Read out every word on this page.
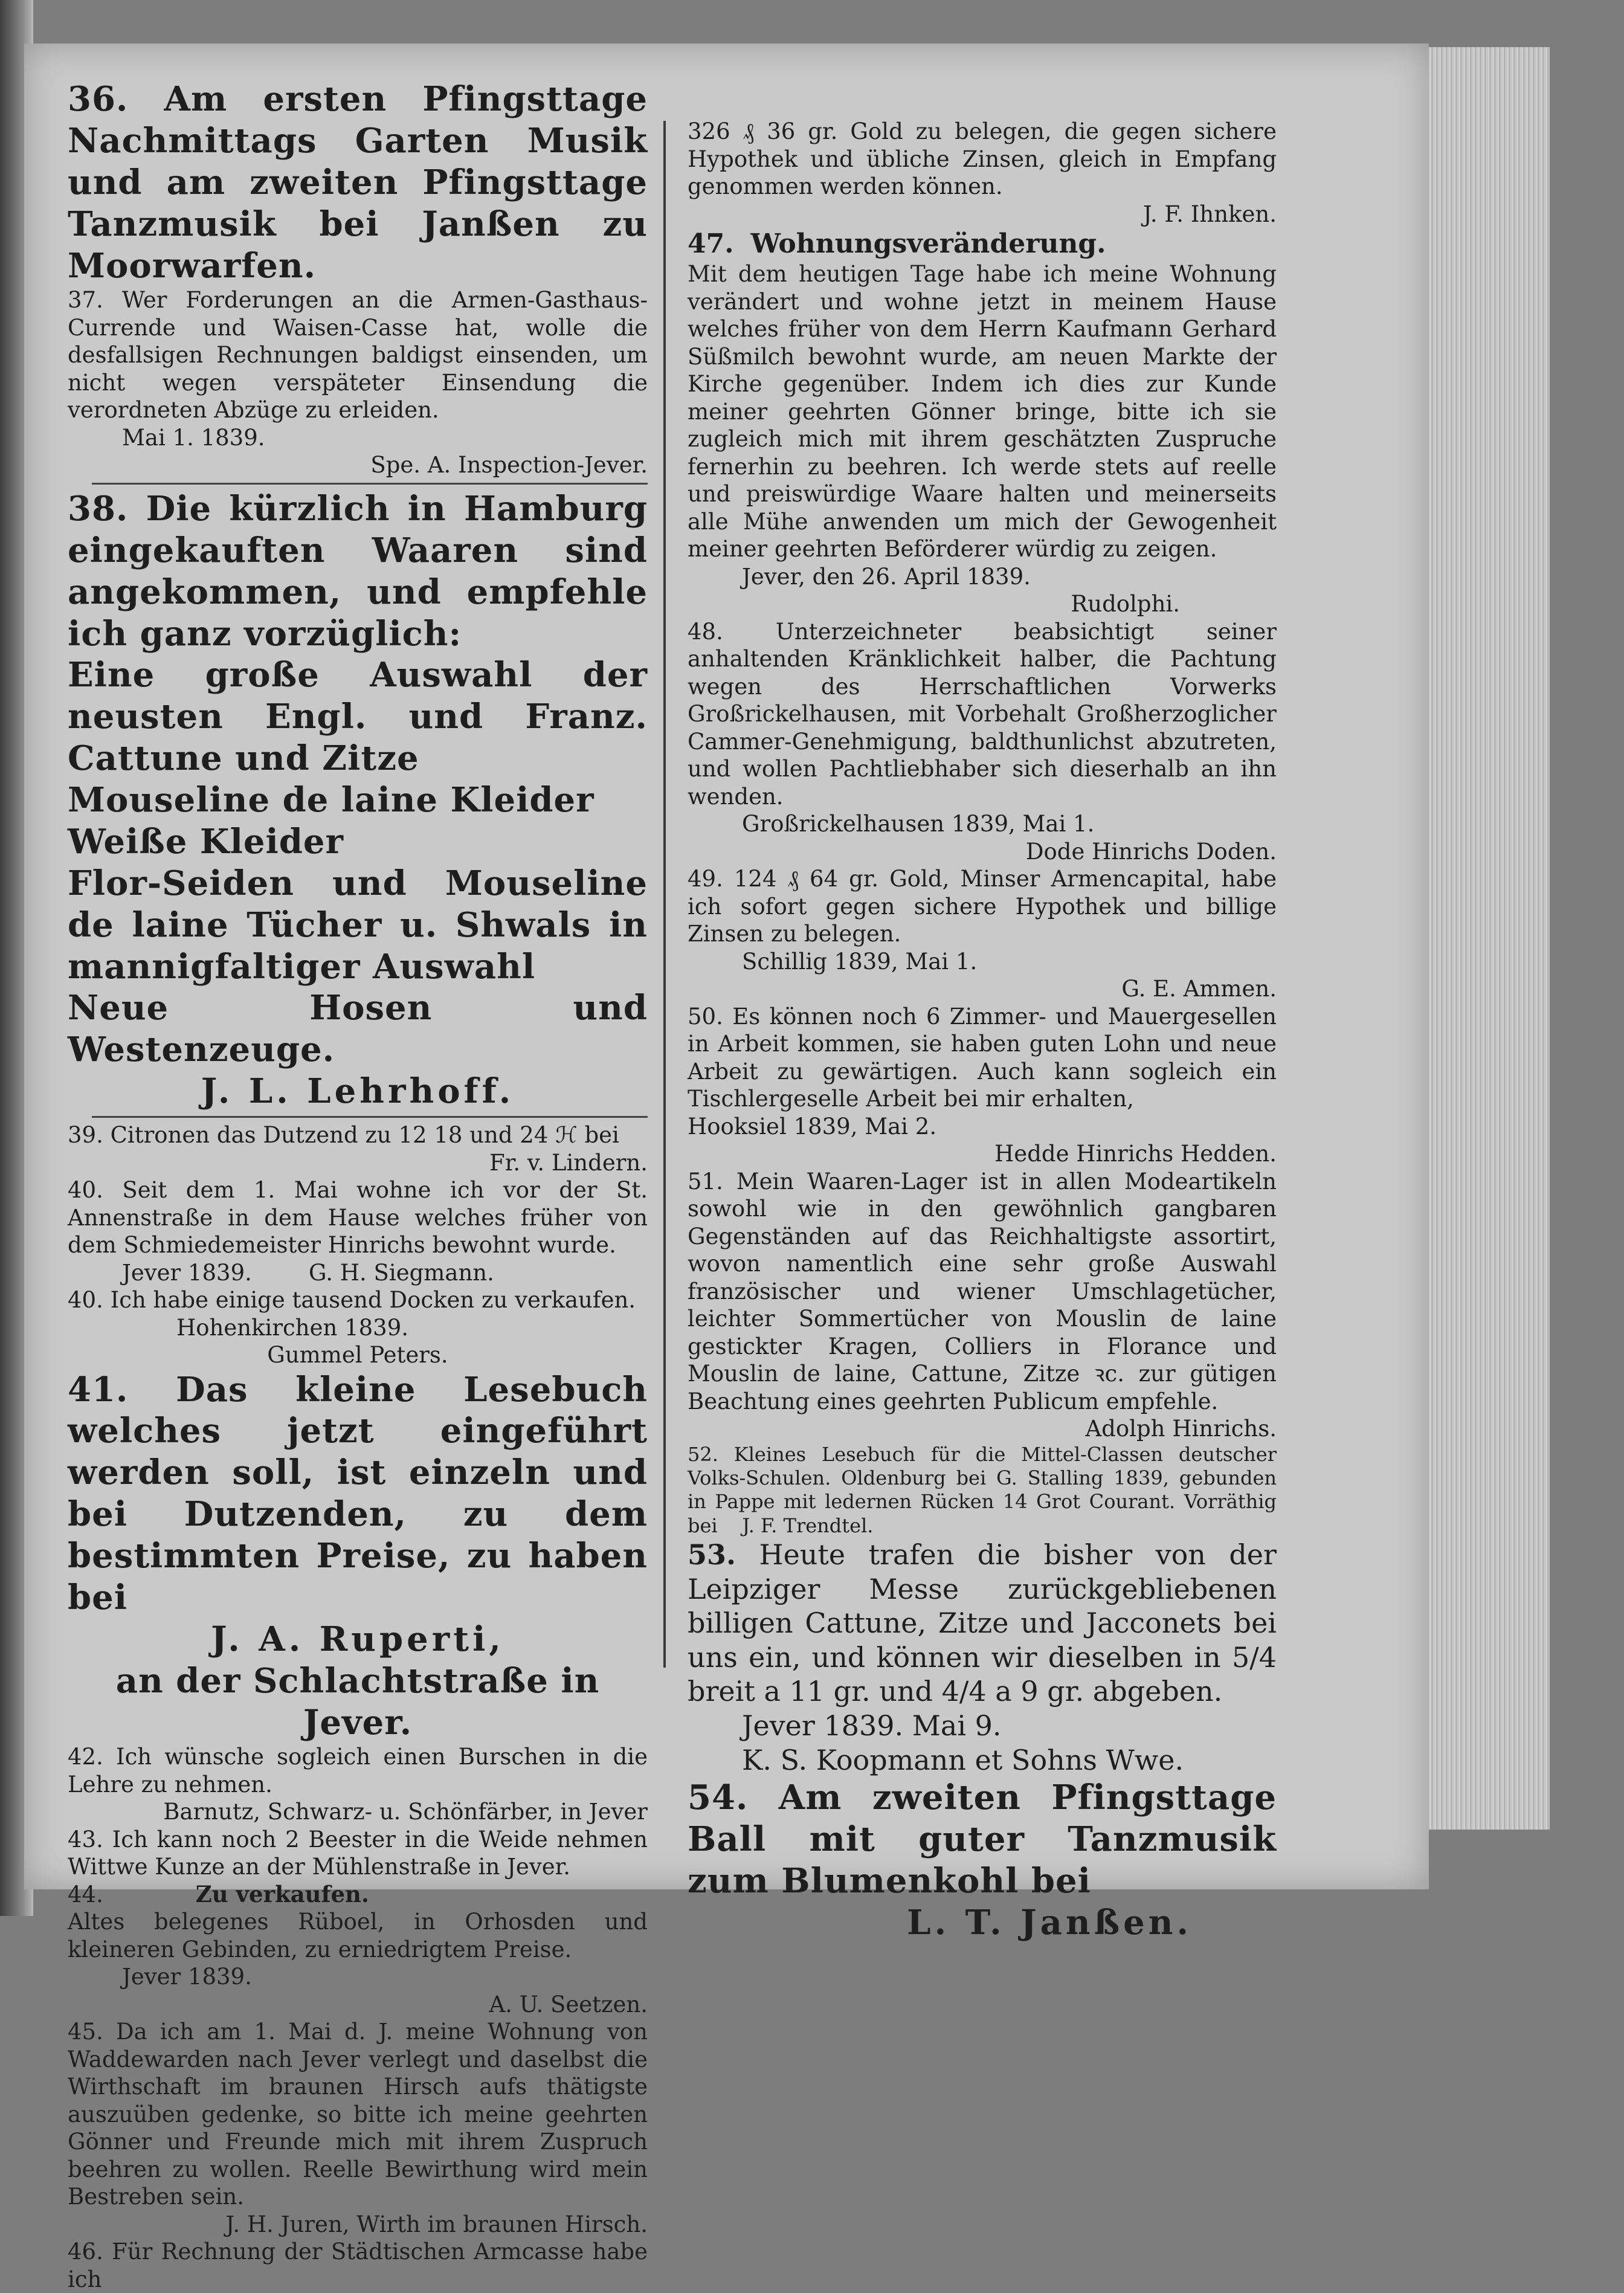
36. Am ersten Pfingsttage Nachmittags Garten Musik und am zweiten Pfingsttage Tanzmusik bei Janßen zu Moorwarfen.

37. Wer Forderungen an die Armen-Gasthaus-Currende und Waisen-Casse hat, wolle die desfallsigen Rechnungen baldigst einsenden, um nicht wegen verspäteter Einsendung die verordneten Abzüge zu erleiden.

Mai 1. 1839.

Spe. A. Inspection-Jever.

38. Die kürzlich in Hamburg eingekauften Waaren sind angekommen, und empfehle ich ganz vorzüglich:

Eine große Auswahl der neusten Engl. und Franz. Cattune und Zitze

Mouseline de laine Kleider

Weiße Kleider

Flor-Seiden und Mouseline de laine Tücher u. Shwals in mannigfaltiger Auswahl

Neue Hosen und Westenzeuge.

J. L. Lehrhoff.

39. Citronen das Dutzend zu 12 18 und 24 ℋ bei

Fr. v. Lindern.

40. Seit dem 1. Mai wohne ich vor der St. Annenstraße in dem Hause welches früher von dem Schmiedemeister Hinrichs bewohnt wurde.

Jever 1839.	G. H. Siegmann.

40. Ich habe einige tausend Docken zu verkaufen.

Hohenkirchen 1839.

Gummel Peters.

41. Das kleine Lesebuch welches jetzt eingeführt werden soll, ist einzeln und bei Dutzenden, zu dem bestimmten Preise, zu haben bei

J. A. Ruperti,

an der Schlachtstraße in Jever.

42. Ich wünsche sogleich einen Burschen in die Lehre zu nehmen.

Barnutz, Schwarz- u. Schönfärber, in Jever

43. Ich kann noch 2 Beester in die Weide nehmen Wittwe Kunze an der Mühlenstraße in Jever.

44.	Zu verkaufen.

Altes belegenes Rüboel, in Orhosden und kleineren Gebinden, zu erniedrigtem Preise.

Jever 1839.

A. U. Seetzen.

45. Da ich am 1. Mai d. J. meine Wohnung von Waddewarden nach Jever verlegt und daselbst die Wirthschaft im braunen Hirsch aufs thätigste auszuüben gedenke, so bitte ich meine geehrten Gönner und Freunde mich mit ihrem Zuspruch beehren zu wollen. Reelle Bewirthung wird mein Bestreben sein.

J. H. Juren, Wirth im braunen Hirsch.

46. Für Rechnung der Städtischen Armcasse habe ich

326 ₰ 36 gr. Gold zu belegen, die gegen sichere Hypothek und übliche Zinsen, gleich in Empfang genommen werden können.

J. F. Ihnken.

47. Wohnungsveränderung.

Mit dem heutigen Tage habe ich meine Wohnung verändert und wohne jetzt in meinem Hause welches früher von dem Herrn Kaufmann Gerhard Süßmilch bewohnt wurde, am neuen Markte der Kirche gegenüber. Indem ich dies zur Kunde meiner geehrten Gönner bringe, bitte ich sie zugleich mich mit ihrem geschätzten Zuspruche fernerhin zu beehren. Ich werde stets auf reelle und preiswürdige Waare halten und meinerseits alle Mühe anwenden um mich der Gewogenheit meiner geehrten Beförderer würdig zu zeigen.

Jever, den 26. April 1839.

Rudolphi.

48. Unterzeichneter beabsichtigt seiner anhaltenden Kränklichkeit halber, die Pachtung wegen des Herrschaftlichen Vorwerks Großrickelhausen, mit Vorbehalt Großherzoglicher Cammer-Genehmigung, baldthunlichst abzutreten, und wollen Pachtliebhaber sich dieserhalb an ihn wenden.

Großrickelhausen 1839, Mai 1.

Dode Hinrichs Doden.

49. 124 ₰ 64 gr. Gold, Minser Armencapital, habe ich sofort gegen sichere Hypothek und billige Zinsen zu belegen.

Schillig 1839, Mai 1.

G. E. Ammen.

50. Es können noch 6 Zimmer- und Mauergesellen in Arbeit kommen, sie haben guten Lohn und neue Arbeit zu gewärtigen. Auch kann sogleich ein Tischlergeselle Arbeit bei mir erhalten,

Hooksiel 1839, Mai 2.

Hedde Hinrichs Hedden.

51. Mein Waaren-Lager ist in allen Modeartikeln sowohl wie in den gewöhnlich gangbaren Gegenständen auf das Reichhaltigste assortirt, wovon namentlich eine sehr große Auswahl französischer und wiener Umschlagetücher, leichter Sommertücher von Mouslin de laine gestickter Kragen, Colliers in Florance und Mouslin de laine, Cattune, Zitze ꝛc. zur gütigen Beachtung eines geehrten Publicum empfehle.

Adolph Hinrichs.

52. Kleines Lesebuch für die Mittel-Classen deutscher Volks-Schulen. Oldenburg bei G. Stalling 1839, gebunden in Pappe mit ledernen Rücken 14 Grot Courant. Vorräthig bei J. F. Trendtel.

53. Heute trafen die bisher von der Leipziger Messe zurückgebliebenen billigen Cattune, Zitze und Jacconets bei uns ein, und können wir dieselben in 5/4 breit a 11 gr. und 4/4 a 9 gr. abgeben.

Jever 1839. Mai 9.

K. S. Koopmann et Sohns Wwe.

54. Am zweiten Pfingsttage Ball mit guter Tanzmusik zum Blumenkohl bei

L. T. Janßen.
